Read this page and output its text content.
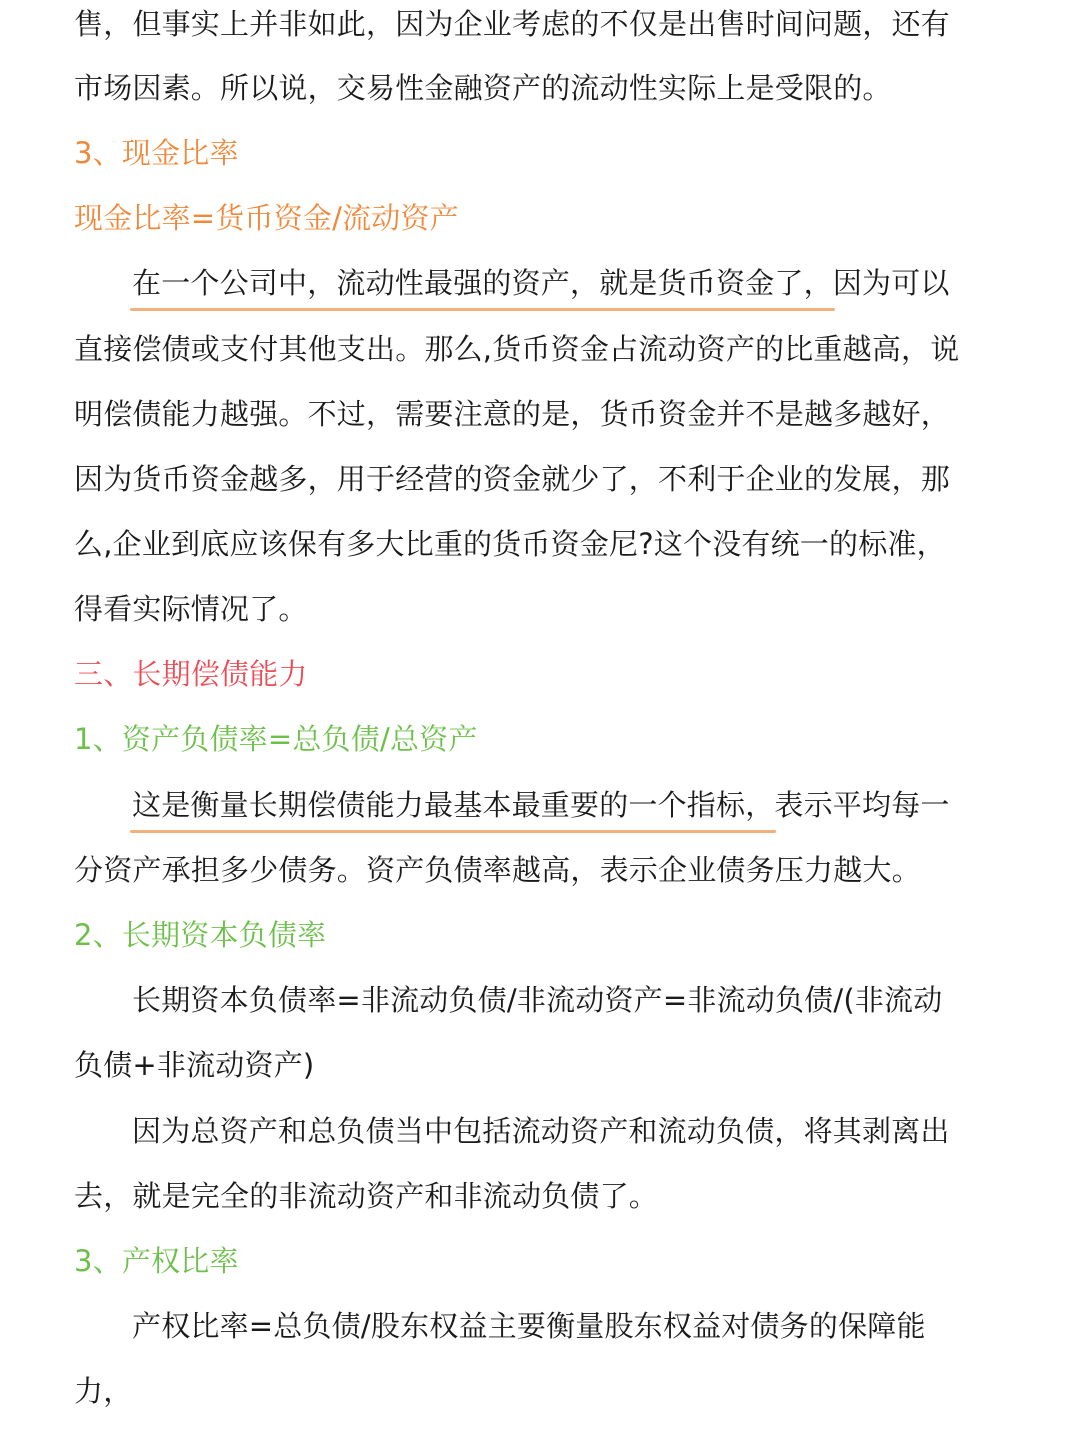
售，但事实上并非如此，因为企业考虑的不仅是出售时间问题，还有
市场因素。所以说，交易性金融资产的流动性实际上是受限的。
3、现金比率
现金比率=货币资金/流动资产
在一个公司中，流动性最强的资产，就是货币资金了，因为可以
直接偿债或支付其他支出。那么,货币资金占流动资产的比重越高，说
明偿债能力越强。不过，需要注意的是，货币资金并不是越多越好，
因为货币资金越多，用于经营的资金就少了，不利于企业的发展，那
么,企业到底应该保有多大比重的货币资金尼?这个没有统一的标准，
得看实际情况了。
三、长期偿债能力
1、资产负债率=总负债/总资产
这是衡量长期偿债能力最基本最重要的一个指标，表示平均每一
分资产承担多少债务。资产负债率越高，表示企业债务压力越大。
2、长期资本负债率
长期资本负债率=非流动负债/非流动资产=非流动负债/(非流动
负债+非流动资产)
因为总资产和总负债当中包括流动资产和流动负债，将其剥离出
去，就是完全的非流动资产和非流动负债了。
3、产权比率
产权比率=总负债/股东权益主要衡量股东权益对债务的保障能
力，
